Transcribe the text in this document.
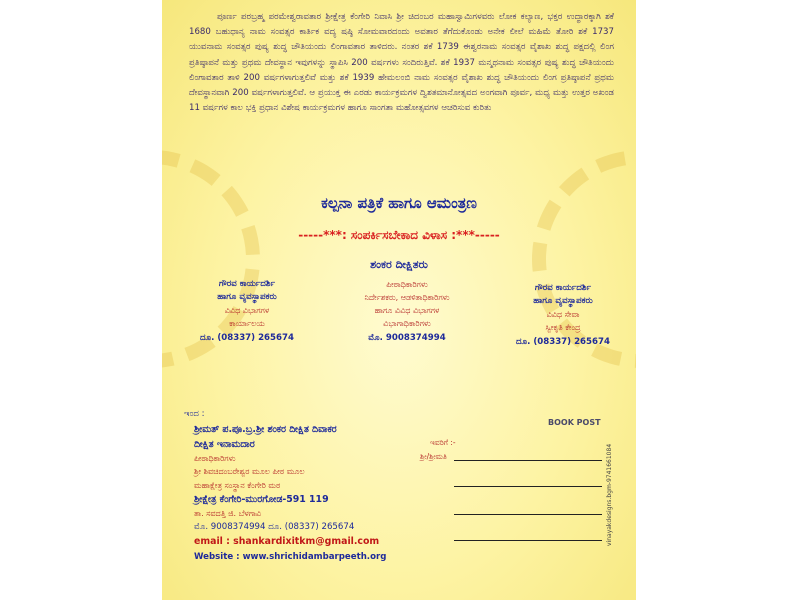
ಪೂರ್ಣ ಪರಬ್ರಹ್ಮ ಪರಮೇಶ್ವರಾವತಾರ ಶ್ರೀಕ್ಷೇತ್ರ ಕೆಂಗೇರಿ ನಿವಾಸಿ ಶ್ರೀ ಚಿದಂಬರ ಮಹಾಸ್ವಾಮಿಗಳವರು ಲೋಕ ಕಲ್ಯಾಣ, ಭಕ್ತರ ಉದ್ಧಾರಕ್ಕಾಗಿ ಶಕೆ 1680 ಬಹುಧಾನ್ಯ ನಾಮ ಸಂವತ್ಸರ ಕಾರ್ತಿಕ ವದ್ಯ ಷಷ್ಠಿ ಸೋಮವಾರದಂದು ಅವತಾರ ತೆಗೆದುಕೊಂಡು ಅನೇಕ ಲೀಲೆ ಮಹಿಮೆ ತೋರಿ ಶಕೆ 1737 ಯುವನಾಮ ಸಂವತ್ಸರ ಪುಷ್ಯ ಶುದ್ಧ ಚೌತಿಯಂದು ಲಿಂಗಾವತಾರ ತಾಳಿದರು. ನಂತರ ಶಕೆ 1739 ಈಶ್ವರನಾಮ ಸಂವತ್ಸರ ವೈಶಾಖ ಶುದ್ಧ ಪಕ್ಷದಲ್ಲಿ ಲಿಂಗ ಪ್ರತಿಷ್ಠಾಪನೆ ಮತ್ತು ಪ್ರಥಮ ದೇವಸ್ಥಾನ ಇವುಗಳನ್ನು ಸ್ಥಾಪಿಸಿ 200 ವರ್ಷಗಳು ಸಂದಿರುತ್ತಿವೆ. ಶಕೆ 1937 ಮನ್ಮಥನಾಮ ಸಂವತ್ಸರ ಪುಷ್ಯ ಶುದ್ಧ ಚೌತಿಯಂದು ಲಿಂಗಾವತಾರ ತಾಳಿ 200 ವರ್ಷಗಳಾಗುತ್ತಲಿವೆ ಮತ್ತು ಶಕೆ 1939 ಹೇಮಲಂಬಿ ನಾಮ ಸಂವತ್ಸರ ವೈಶಾಖ ಶುದ್ಧ ಚೌತಿಯಂದು ಲಿಂಗ ಪ್ರತಿಷ್ಠಾಪನೆ ಪ್ರಥಮ ದೇವಸ್ಥಾನವಾಗಿ 200 ವರ್ಷಗಳಾಗುತ್ತಲಿವೆ. ಆ ಪ್ರಯುಕ್ತ ಈ ಎರಡು ಕಾರ್ಯಕ್ರಮಗಳ ದ್ವಿಶತಮಾನೋತ್ಸವದ ಅಂಗವಾಗಿ ಪೂರ್ವ, ಮಧ್ಯ ಮತ್ತು ಉತ್ತರ ಅಖಂಡ 11 ವರ್ಷಗಳ ಕಾಲ ಭಕ್ತಿ ಪ್ರಧಾನ ವಿಶೇಷ ಕಾರ್ಯಕ್ರಮಗಳ ಹಾಗೂ ಸಾಂಗತಾ ಮಹೋತ್ಸವಗಳ ಆಚರಿಸುವ ಕುರಿತು
ಕಲ್ಪನಾ ಪತ್ರಿಕೆ ಹಾಗೂ ಆಮಂತ್ರಣ
-----***: ಸಂಪರ್ಕಿಸಬೇಕಾದ ವಿಳಾಸ :***-----
ಶಂಕರ ದೀಕ್ಷಿತರು
ಗೌರವ ಕಾರ್ಯದರ್ಶಿ
ಹಾಗೂ ವ್ಯವಸ್ಥಾಪಕರು
ವಿವಿಧ ವಿಭಾಗಗಳ
ಕಾರ್ಯಾಲಯ
ದೂ. (08337) 265674
ಪೀಠಾಧಿಕಾರಿಗಳು
ನಿರ್ದೇಶಕರು, ಆಡಳಿತಾಧಿಕಾರಿಗಳು
ಹಾಗೂ ವಿವಿಧ ವಿಭಾಗಗಳ
ವಿಭಾಗಾಧಿಕಾರಿಗಳು
ಮೊ. 9008374994
ಗೌರವ ಕಾರ್ಯದರ್ಶಿ
ಹಾಗೂ ವ್ಯವಸ್ಥಾಪಕರು
ವಿವಿಧ ಸೇವಾ
ಸ್ವೀಕೃತಿ ಕೇಂದ್ರ
ದೂ. (08337) 265674
ಇಂದ :
ಶ್ರೀಮತ್ ಪ.ಪೂ.ಬ್ರ.ಶ್ರೀ ಶಂಕರ ದೀಕ್ಷಿತ ದಿವಾಕರ
ದೀಕ್ಷಿತ ಇನಾಮದಾರ
ಪೀಠಾಧಿಕಾರಿಗಳು
ಶ್ರೀ ಶಿವಚಿದಂಬರೇಶ್ವರ ಮೂಲ ಪೀಠ ಮೂಲ
ಮಹಾಕ್ಷೇತ್ರ ಸಂಸ್ಥಾನ ಕೆಂಗೇರಿ ಮಠ
ಶ್ರೀಕ್ಷೇತ್ರ ಕೆಂಗೇರಿ-ಮುರಗೋಡ-591 119
ತಾ. ಸವದತ್ತಿ ಜಿ. ಬೆಳಗಾವಿ
ಮೊ. 9008374994 ದೂ. (08337) 265674
email : shankardixitkm@gmail.com
Website : www.shrichidambarpeeth.org
BOOK POST
ಇವರಿಗೆ :-
ಶ್ರೀ/ಶ್ರೀಮತಿ	vinayakdesigns.bgm-9741661084
